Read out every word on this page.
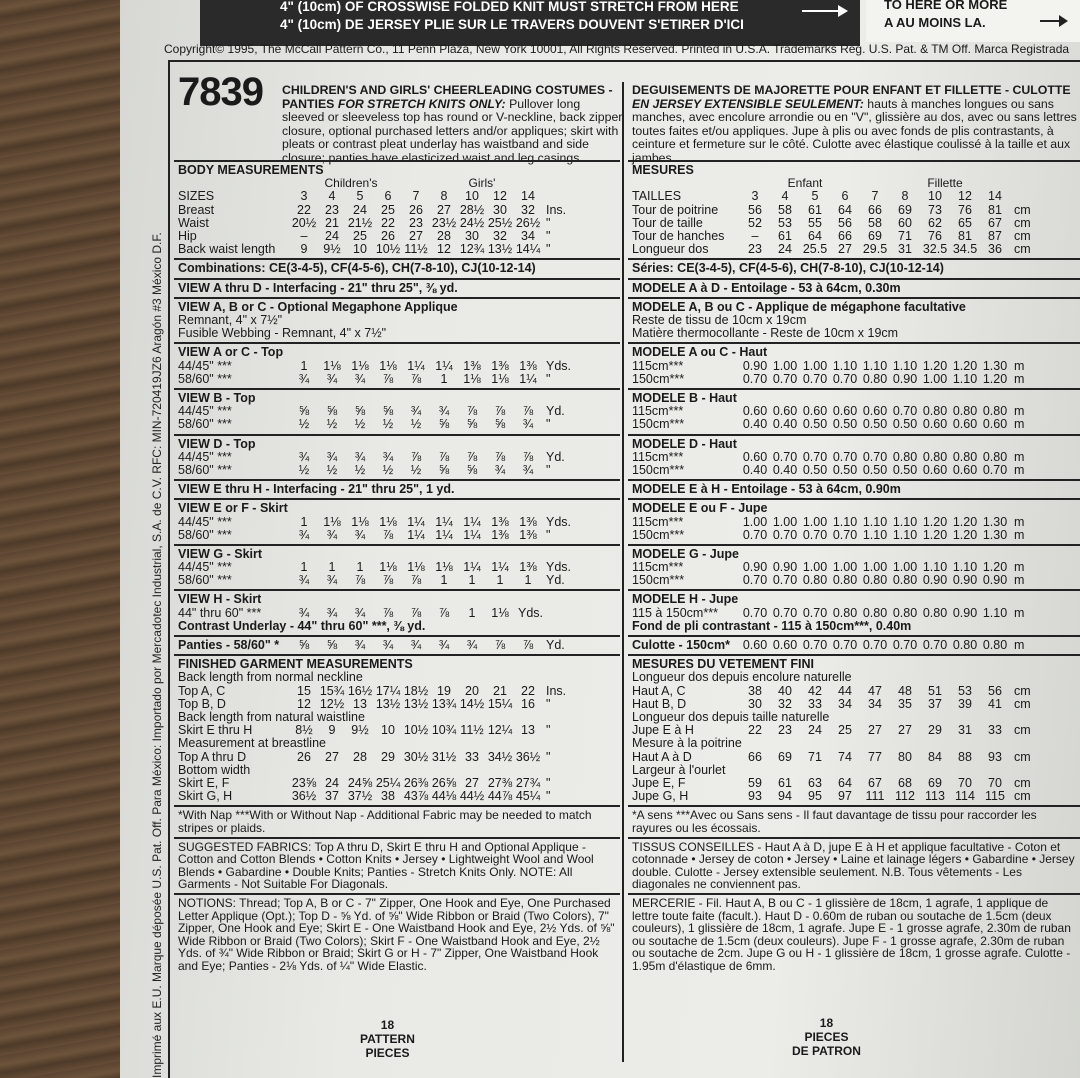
4" (10cm) OF CROSSWISE FOLDED KNIT MUST STRETCH FROM HERE
4" (10cm) DE JERSEY PLIE SUR LE TRAVERS DOUVENT S'ETIRER D'ICI
TO HERE OR MORE
A AU MOINS LA.
Copyright© 1995, The McCall Pattern Co., 11 Penn Plaza, New York 10001, All Rights Reserved. Printed in U.S.A. Trademarks Reg. U.S. Pat. & TM Off. Marca Registrada
Imprimé aux E.U. Marque déposée U.S. Pat. Off. Para México: Importado por Mercadotec Industrial, S.A. de C.V. RFC: MIN-720419JZ6 Aragón #3 México D.F.
7839 CHILDREN'S AND GIRLS' CHEERLEADING COSTUMES - PANTIES FOR STRETCH KNITS ONLY: Pullover long sleeved or sleeveless top has round or V-neckline, back zipper closure, optional purchased letters and/or appliques; skirt with pleats or contrast pleat underlay has waistband and side closure; panties have elasticized waist and leg casings.

BODY MEASUREMENTS
Children's	Girls'
SIZES	3	4	5	6	7	8	10	12	14
Breast	22	23	24	25	26	27 28½ 30	32 Ins.
Waist	20½ 21 21½ 22	23 23½ 24½ 25½ 26½ "
Hip	–	24	25	26	27	28	30	32	34 "
Back waist length	9	9½ 10 10½ 11½ 12 12¾ 13½ 14¼ "
Combinations: CE(3-4-5), CF(4-5-6), CH(7-8-10), CJ(10-12-14)
VIEW A thru D - Interfacing - 21" thru 25", ⅜ yd.
VIEW A, B or C - Optional Megaphone Applique
Remnant, 4" x 7½"
Fusible Webbing - Remnant, 4" x 7½"
VIEW A or C - Top
44/45" ***	1	1⅛ 1⅛ 1⅛ 1¼ 1¼ 1⅜ 1⅜ 1⅜ Yds.
58/60" ***	¾	¾	¾	⅞	⅞	1	1⅛ 1⅛ 1¼ "
VIEW B - Top
44/45" ***	⅝	⅝	⅝	⅝	¾	¾	⅞	⅞	⅞	Yd.
58/60" ***	½	½	½	½	½	⅝	⅝	⅝	¾	"
VIEW D - Top
44/45" ***	¾	¾	¾	¾	⅞	⅞	⅞	⅞	⅞	Yd.
58/60" ***	½	½	½	½	½	⅝	⅝	¾	¾	"
VIEW E thru H - Interfacing - 21" thru 25", 1 yd.
VIEW E or F - Skirt
44/45" ***	1	1⅛ 1⅛ 1⅛ 1¼ 1¼ 1¼ 1⅜ 1⅜ Yds.
58/60" ***	¾	¾	¾	⅞	1¼ 1¼ 1¼ 1⅜ 1⅜ "
VIEW G - Skirt
44/45" ***	1	1	1	1⅛ 1⅛ 1⅛ 1¼ 1¼ 1⅜ Yds.
58/60" ***	¾	¾	⅞	⅞	⅞	1	1	1	1	Yd.
VIEW H - Skirt
44" thru 60" ***	¾	¾	¾	⅞	⅞	⅞	1	1⅛ Yds.
Contrast Underlay - 44" thru 60" ***, ⅜ yd.
Panties - 58/60" *	⅝	⅝	¾	¾	¾	¾	¾	⅞	⅞	Yd.
FINISHED GARMENT MEASUREMENTS
Back length from normal neckline
Top A, C	15 15¾ 16½ 17¼ 18½ 19	20	21	22 Ins.
Top B, D	12 12½ 13 13½ 13½ 13¾ 14½ 15¼ 16 "
Back length from natural waistline
Skirt E thru H	8½	9	9½ 10 10½ 10¾ 11½ 12¼ 13 "
Measurement at breastline
Top A thru D	26	27	28	29 30½ 31½ 33 34½ 36½ "
Bottom width
Skirt E, F	23⅝ 24 24⅝ 25¼ 26⅜ 26⅝ 27 27⅜ 27¾ "
Skirt G, H	36½ 37 37½ 38 43⅞ 44⅛ 44½ 44⅞ 45¼ "
*With Nap ***With or Without Nap - Additional Fabric may be needed to match stripes or plaids.
SUGGESTED FABRICS: Top A thru D, Skirt E thru H and Optional Applique - Cotton and Cotton Blends • Cotton Knits • Jersey • Lightweight Wool and Wool Blends • Gabardine • Double Knits; Panties - Stretch Knits Only. NOTE: All Garments - Not Suitable For Diagonals.
NOTIONS: Thread; Top A, B or C - 7" Zipper, One Hook and Eye, One Purchased Letter Applique (Opt.); Top D - ⅝ Yd. of ⅝" Wide Ribbon or Braid (Two Colors), 7" Zipper, One Hook and Eye; Skirt E - One Waistband Hook and Eye, 2½ Yds. of ⅝" Wide Ribbon or Braid (Two Colors); Skirt F - One Waistband Hook and Eye, 2½ Yds. of ¾" Wide Ribbon or Braid; Skirt G or H - 7" Zipper, One Waistband Hook and Eye; Panties - 2⅛ Yds. of ¼" Wide Elastic.

DEGUISEMENTS DE MAJORETTE POUR ENFANT ET FILLETTE - CULOTTE EN JERSEY EXTENSIBLE SEULEMENT: hauts à manches longues ou sans manches, avec encolure arrondie ou en "V", glissière au dos, avec ou sans lettres toutes faites et/ou appliques. Jupe à plis ou avec fonds de plis contrastants, à ceinture et fermeture sur le côté. Culotte avec élastique coulissé à la taille et aux jambes.

MESURES
Enfant	Fillette
TAILLES	3	4	5	6	7	8	10	12	14
Tour de poitrine	56	58	61	64	66	69	73	76	81 cm
Tour de taille	52	53	55	56	58	60	62	65	67 cm
Tour de hanches	–	61	64	66	69	71	76	81	87 cm
Longueur dos	23	24 25.5 27 29.5 31 32.5 34.5 36 cm
Séries: CE(3-4-5), CF(4-5-6), CH(7-8-10), CJ(10-12-14)
MODELE A à D - Entoilage - 53 à 64cm, 0.30m
MODELE A, B ou C - Applique de mégaphone facultative
Reste de tissu de 10cm x 19cm
Matière thermocollante - Reste de 10cm x 19cm
MODELE A ou C - Haut
115cm***	0.90 1.00 1.00 1.10 1.10 1.10 1.20 1.20 1.30 m
150cm***	0.70 0.70 0.70 0.70 0.80 0.90 1.00 1.10 1.20 m
MODELE B - Haut
115cm***	0.60 0.60 0.60 0.60 0.60 0.70 0.80 0.80 0.80 m
150cm***	0.40 0.40 0.50 0.50 0.50 0.50 0.60 0.60 0.60 m
MODELE D - Haut
115cm***	0.60 0.70 0.70 0.70 0.70 0.80 0.80 0.80 0.80 m
150cm***	0.40 0.40 0.50 0.50 0.50 0.50 0.60 0.60 0.70 m
MODELE E à H - Entoilage - 53 à 64cm, 0.90m
MODELE E ou F - Jupe
115cm***	1.00 1.00 1.00 1.10 1.10 1.10 1.20 1.20 1.30 m
150cm***	0.70 0.70 0.70 0.70 1.10 1.10 1.20 1.20 1.30 m
MODELE G - Jupe
115cm***	0.90 0.90 1.00 1.00 1.00 1.00 1.10 1.10 1.20 m
150cm***	0.70 0.70 0.80 0.80 0.80 0.80 0.90 0.90 0.90 m
MODELE H - Jupe
115 à 150cm***	0.70 0.70 0.70 0.80 0.80 0.80 0.80 0.90 1.10 m
Fond de pli contrastant - 115 à 150cm***, 0.40m
Culotte - 150cm*	0.60 0.60 0.70 0.70 0.70 0.70 0.70 0.80 0.80 m
MESURES DU VETEMENT FINI
Longueur dos depuis encolure naturelle
Haut A, C	38	40	42	44	47	48	51	53	56 cm
Haut B, D	30	32	33	34	34	35	37	39	41 cm
Longueur dos depuis taille naturelle
Jupe E à H	22	23	24	25	27	27	29	31	33 cm
Mesure à la poitrine
Haut A à D	66	69	71	74	77	80	84	88	93 cm
Largeur à l'ourlet
Jupe E, F	59	61	63	64	67	68	69	70	70 cm
Jupe G, H	93	94	95	97	111 112 113 114 115 cm
*A sens ***Avec ou Sans sens - Il faut davantage de tissu pour raccorder les rayures ou les écossais.
TISSUS CONSEILLES - Haut A à D, jupe E à H et applique facultative - Coton et cotonnade • Jersey de coton • Jersey • Laine et lainage légers • Gabardine • Jersey double. Culotte - Jersey extensible seulement. N.B. Tous vêtements - Les diagonales ne conviennent pas.
MERCERIE - Fil. Haut A, B ou C - 1 glissière de 18cm, 1 agrafe, 1 applique de lettre toute faite (facult.). Haut D - 0.60m de ruban ou soutache de 1.5cm (deux couleurs), 1 glissière de 18cm, 1 agrafe. Jupe E - 1 grosse agrafe, 2.30m de ruban ou soutache de 1.5cm (deux couleurs). Jupe F - 1 grosse agrafe, 2.30m de ruban ou soutache de 2cm. Jupe G ou H - 1 glissière de 18cm, 1 grosse agrafe. Culotte - 1.95m d'élastique de 6mm.
18
PATTERN
PIECES
18
PIECES
DE PATRON
